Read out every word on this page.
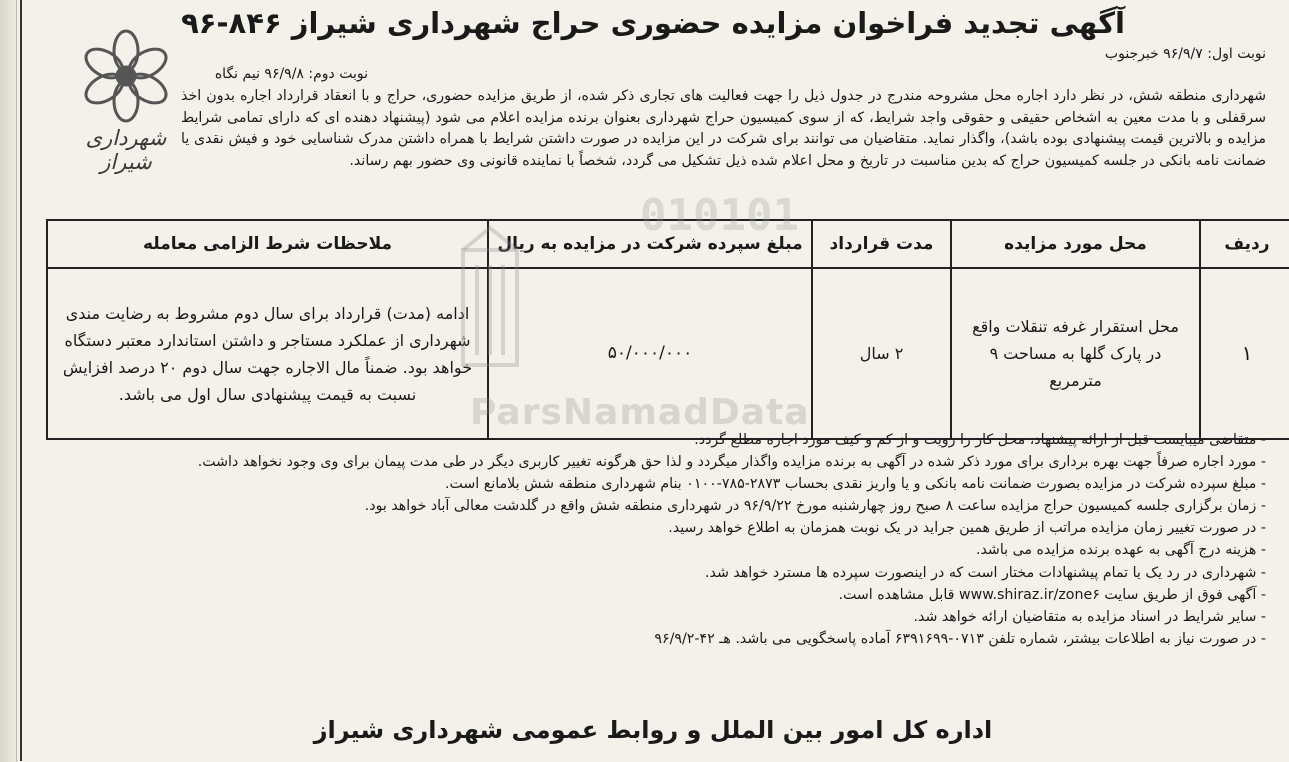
آگهی تجدید فراخوان مزایده حضوری حراج شهرداری شیراز ۸۴۶-۹۶
شهرداری شیراز
نوبت اول: ۹۶/۹/۷ خبرجنوب
نوبت دوم: ۹۶/۹/۸ نیم نگاه
شهرداری منطقه شش، در نظر دارد اجاره محل مشروحه مندرج در جدول ذیل را جهت فعالیت های تجاری ذکر شده، از طریق مزایده حضوری، حراج و با انعقاد قرارداد اجاره بدون اخذ سرقفلی و با مدت معین به اشخاص حقیقی و حقوقی واجد شرایط، که از سوی کمیسیون حراج شهرداری بعنوان برنده مزایده اعلام می شود (پیشنهاد دهنده ای که دارای تمامی شرایط مزایده و بالاترین قیمت پیشنهادی بوده باشد)، واگذار نماید. متقاضیان می توانند برای شرکت در این مزایده در صورت داشتن شرایط با همراه داشتن مدرک شناسایی خود و فیش نقدی یا ضمانت نامه بانکی در جلسه کمیسیون حراج که بدین مناسبت در تاریخ و محل اعلام شده ذیل تشکیل می گردد، شخصاً با نماینده قانونی وی حضور بهم رساند.
ردیف	محل مورد مزایده	مدت قرارداد	مبلغ سپرده شرکت در مزایده به ریال	ملاحظات شرط الزامی معامله
۱	محل استقرار غرفه تنقلات واقع در پارک گلها به مساحت ۹ مترمربع	۲ سال	۵۰/۰۰۰/۰۰۰	ادامه (مدت) قرارداد برای سال دوم مشروط به رضایت مندی شهرداری از عملکرد مستاجر و داشتن استاندارد معتبر دستگاه خواهد بود. ضمناً مال الاجاره جهت سال دوم ۲۰ درصد افزایش نسبت به قیمت پیشنهادی سال اول می باشد.
- متقاضی میبایست قبل از ارائه پیشنهاد، محل کار را رویت و از کم و کیف مورد اجاره مطلع گردد.
- مورد اجاره صرفاً جهت بهره برداری برای مورد ذکر شده در آگهی به برنده مزایده واگذار میگردد و لذا حق هرگونه تغییر کاربری دیگر در طی مدت پیمان برای وی وجود نخواهد داشت.
- مبلغ سپرده شرکت در مزایده بصورت ضمانت نامه بانکی و یا واریز نقدی بحساب ۲۸۷۳-۷۸۵-۰۱۰۰ بنام شهرداری منطقه شش بلامانع است.
- زمان برگزاری جلسه کمیسیون حراج مزایده ساعت ۸ صبح روز چهارشنبه مورخ ۹۶/۹/۲۲ در شهرداری منطقه شش واقع در گلدشت معالی آباد خواهد بود.
- در صورت تغییر زمان مزایده مراتب از طریق همین جراید در یک نوبت همزمان به اطلاع خواهد رسید.
- هزینه درج آگهی به عهده برنده مزایده می باشد.
- شهرداری در رد یک یا تمام پیشنهادات مختار است که در اینصورت سپرده ها مسترد خواهد شد.
- آگهی فوق از طریق سایت www.shiraz.ir/zone۶ قابل مشاهده است.
- سایر شرایط در اسناد مزایده به متقاضیان ارائه خواهد شد.
- در صورت نیاز به اطلاعات بیشتر، شماره تلفن ۰۷۱۳-۶۳۹۱۶۹۹ آماده پاسخگویی می باشد. هـ ۴۲-۹۶/۹/۲
اداره کل امور بین الملل و روابط عمومی شهرداری شیراز
010101
ParsNamadData
